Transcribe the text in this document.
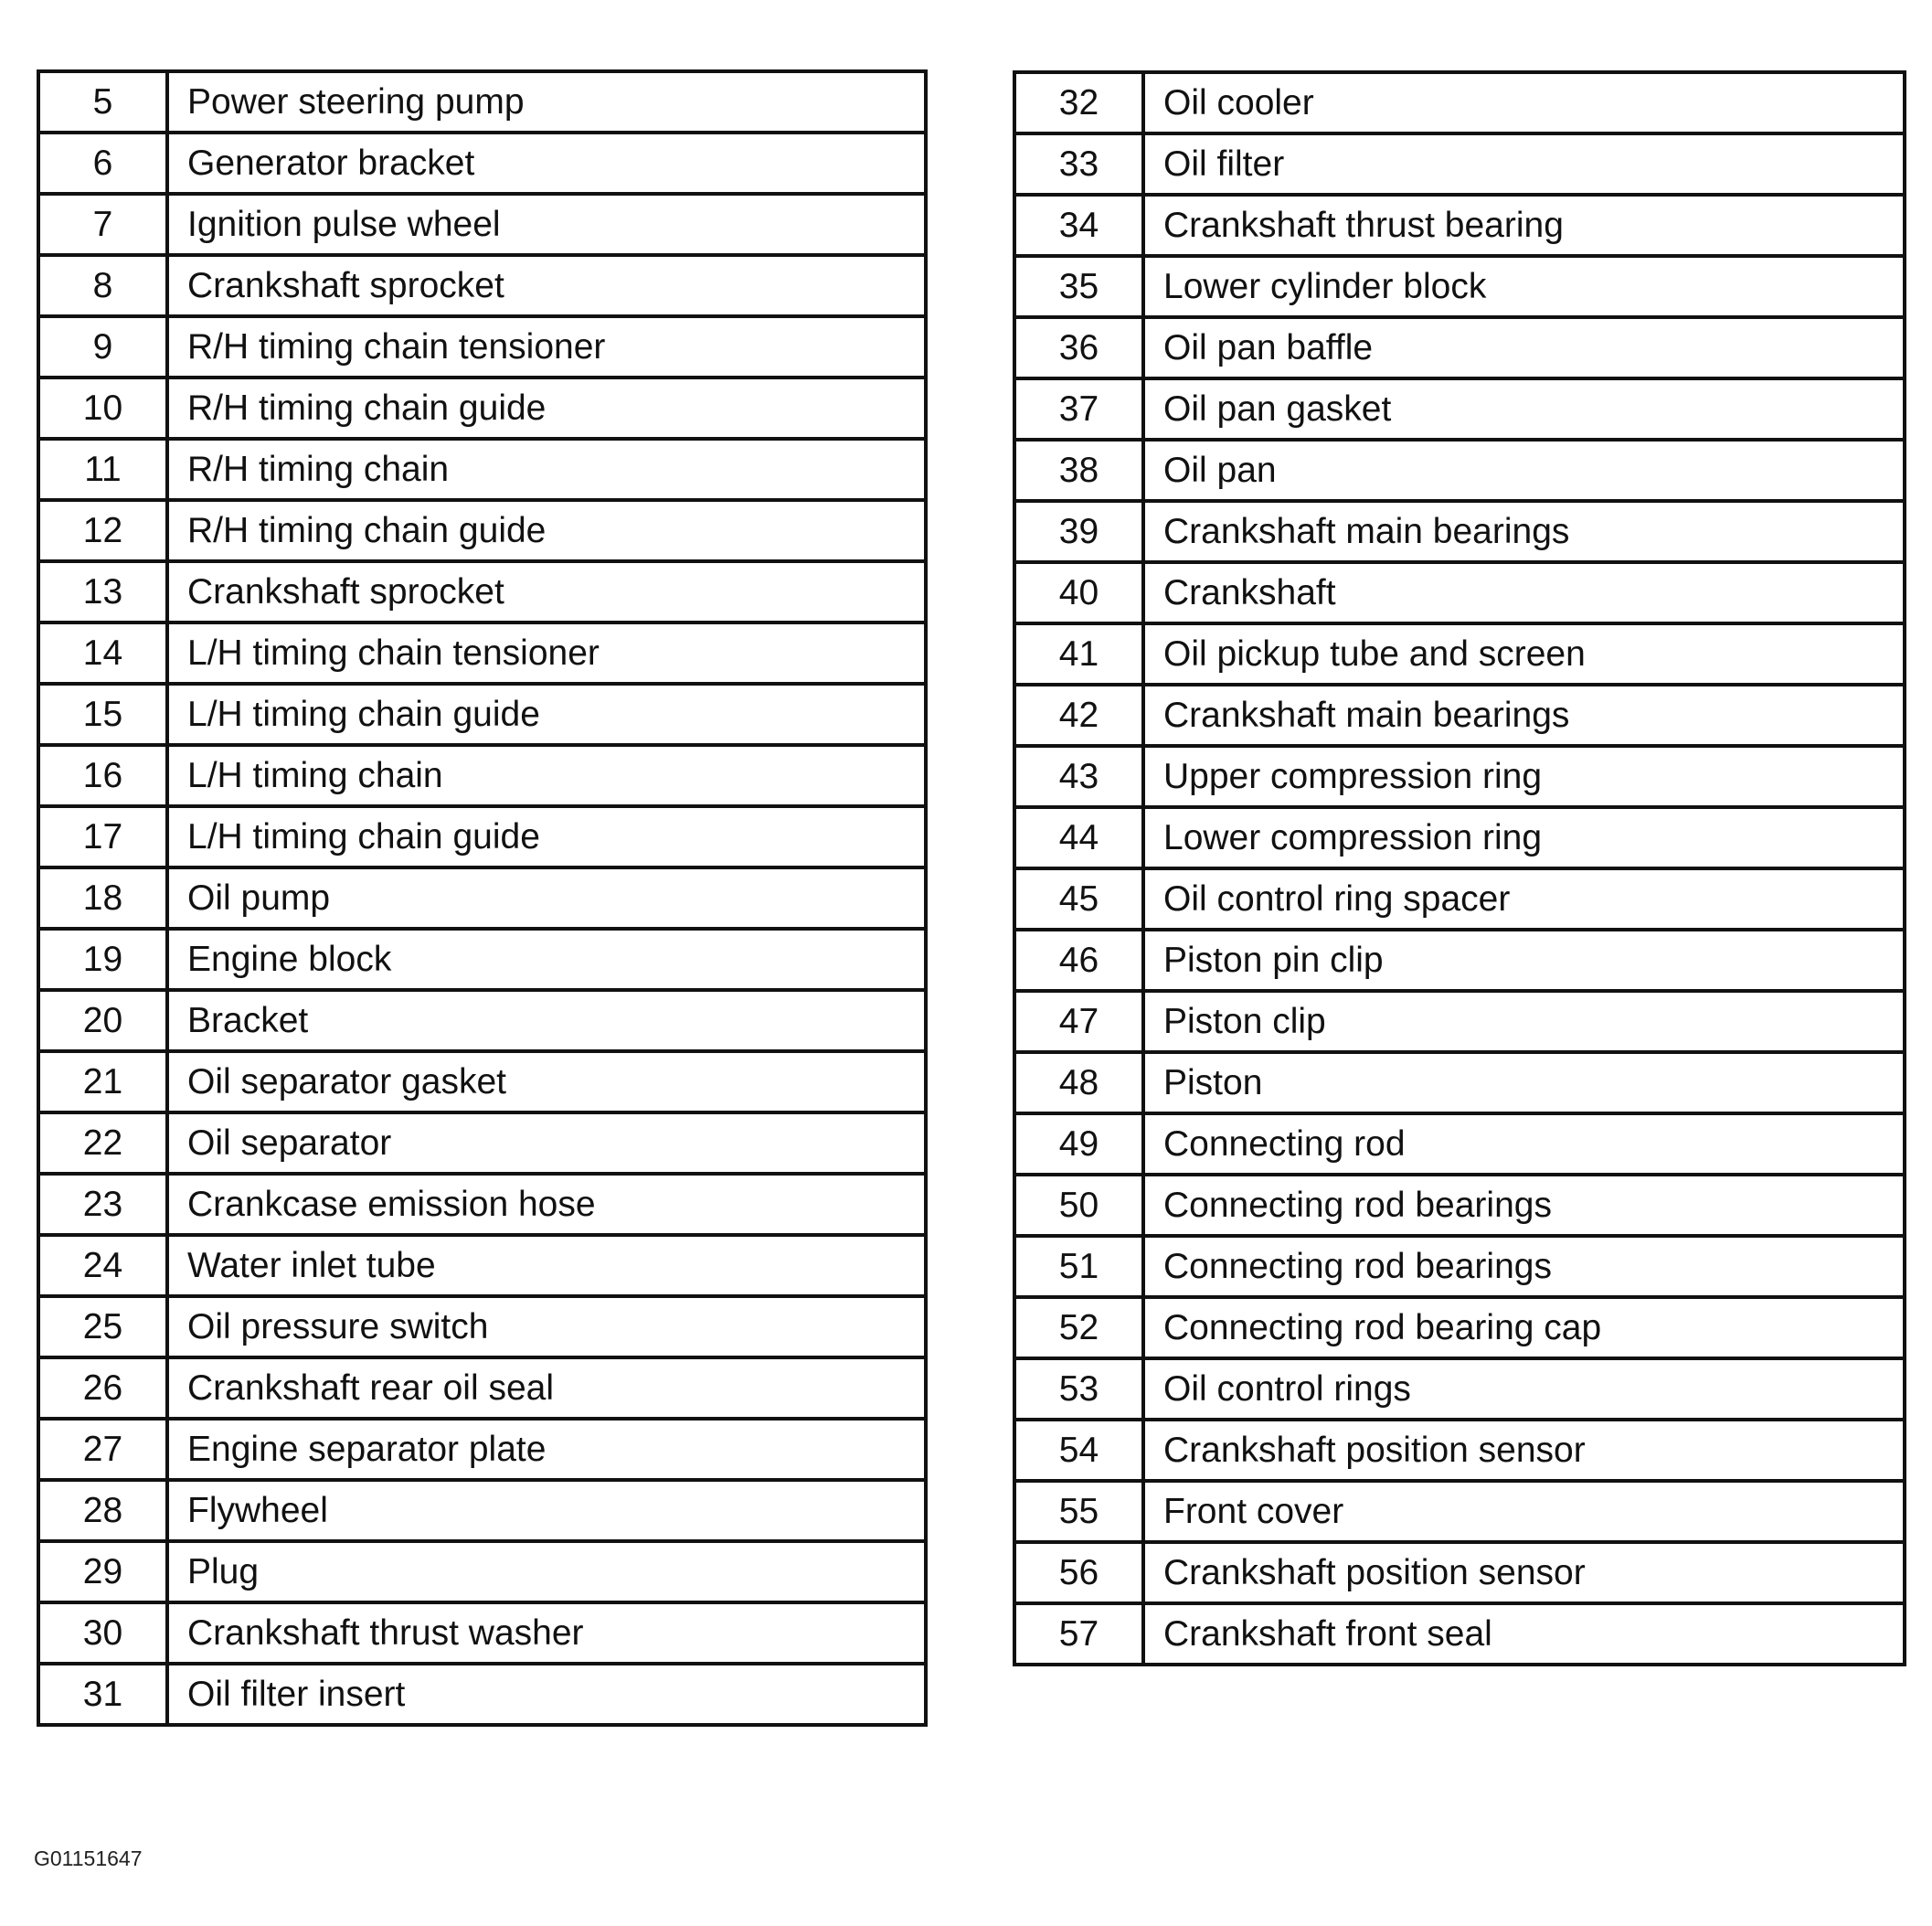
5	Power steering pump
6	Generator bracket
7	Ignition pulse wheel
8	Crankshaft sprocket
9	R/H timing chain tensioner
10	R/H timing chain guide
11	R/H timing chain
12	R/H timing chain guide
13	Crankshaft sprocket
14	L/H timing chain tensioner
15	L/H timing chain guide
16	L/H timing chain
17	L/H timing chain guide
18	Oil pump
19	Engine block
20	Bracket
21	Oil separator gasket
22	Oil separator
23	Crankcase emission hose
24	Water inlet tube
25	Oil pressure switch
26	Crankshaft rear oil seal
27	Engine separator plate
28	Flywheel
29	Plug
30	Crankshaft thrust washer
31	Oil filter insert
32	Oil cooler
33	Oil filter
34	Crankshaft thrust bearing
35	Lower cylinder block
36	Oil pan baffle
37	Oil pan gasket
38	Oil pan
39	Crankshaft main bearings
40	Crankshaft
41	Oil pickup tube and screen
42	Crankshaft main bearings
43	Upper compression ring
44	Lower compression ring
45	Oil control ring spacer
46	Piston pin clip
47	Piston clip
48	Piston
49	Connecting rod
50	Connecting rod bearings
51	Connecting rod bearings
52	Connecting rod bearing cap
53	Oil control rings
54	Crankshaft position sensor
55	Front cover
56	Crankshaft position sensor
57	Crankshaft front seal
G01151647
